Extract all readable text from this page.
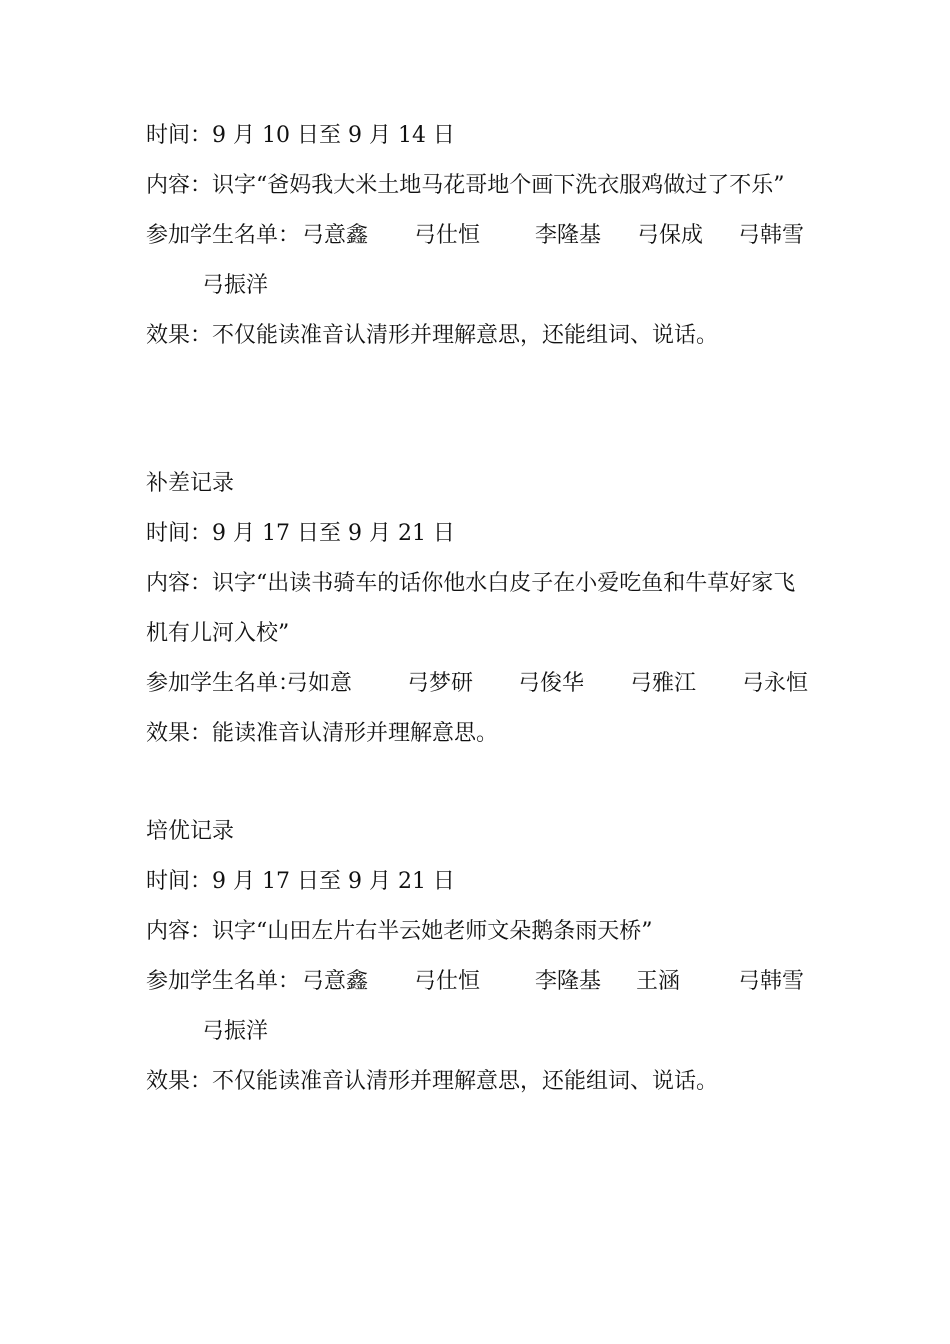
时间：9 月 10 日至 9 月 14 日
内容：识字“爸妈我大米土地马花哥地个画下洗衣服鸡做过了不乐”
参加学生名单： 弓意鑫 弓仕恒 李隆基 弓保成 弓韩雪
弓振洋
效果：不仅能读准音认清形并理解意思，还能组词、说话。
补差记录
时间：9 月 17 日至 9 月 21 日
内容：识字“出读书骑车的话你他水白皮子在小爱吃鱼和牛草好家飞
机有儿河入校”
参加学生名单：
弓如意 弓梦研 弓俊华 弓雅江 弓永恒
效果：能读准音认清形并理解意思。
培优记录
时间：9 月 17 日至 9 月 21 日
内容：识字“山田左片右半云她老师文朵鹅条雨天桥”
参加学生名单： 弓意鑫 弓仕恒 李隆基 王涵	弓韩雪
弓振洋
效果：不仅能读准音认清形并理解意思，还能组词、说话。
